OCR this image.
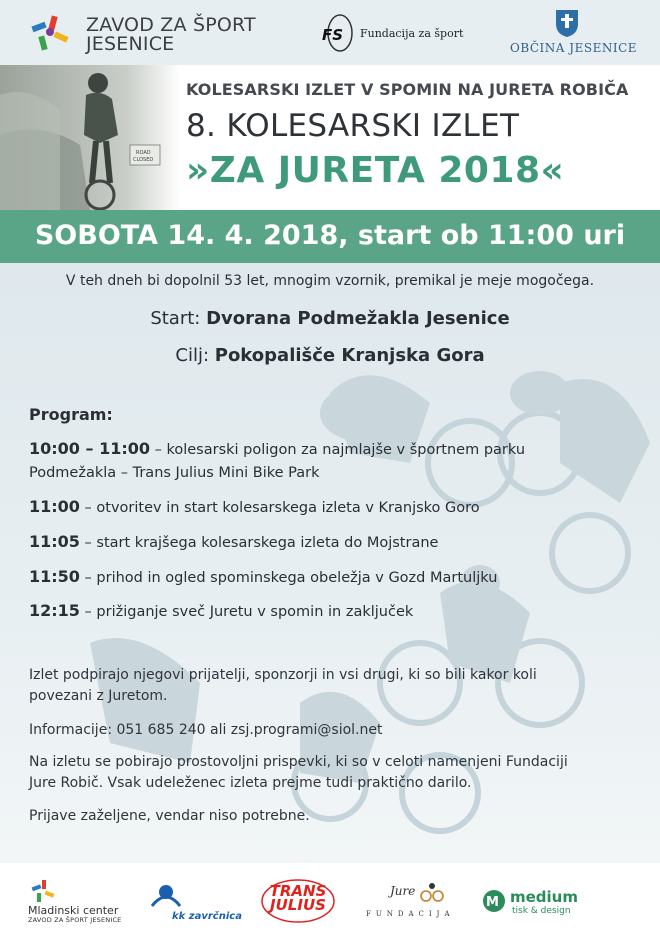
ZAVOD ZA ŠPORT
JESENICE	FS Fundacija za šport
OBČINA JESENICE
ROAD
CLOSED
KOLESARSKI IZLET V SPOMIN NA JURETA ROBIČA
8. KOLESARSKI IZLET
»ZA JURETA 2018«
SOBOTA 14. 4. 2018, start ob 11:00 uri
V teh dneh bi dopolnil 53 let, mnogim vzornik, premikal je meje mogočega.
Start: Dvorana Podmežakla Jesenice
Cilj: Pokopališče Kranjska Gora
Program:
10:00 – 11:00 – kolesarski poligon za najmlajše v športnem parku
Podmežakla – Trans Julius Mini Bike Park
11:00 – otvoritev in start kolesarskega izleta v Kranjsko Goro
11:05 – start krajšega kolesarskega izleta do Mojstrane
11:50 – prihod in ogled spominskega obeležja v Gozd Martuljku
12:15 – prižiganje sveč Juretu v spomin in zaključek
Izlet podpirajo njegovi prijatelji, sponzorji in vsi drugi, ki so bili kakor koli
povezani z Juretom.
Informacije: 051 685 240 ali zsj.programi@siol.net
Na izletu se pobirajo prostovoljni prispevki, ki so v celoti namenjeni Fundaciji
Jure Robič. Vsak udeleženec izleta prejme tudi praktično darilo.
Prijave zaželjene, vendar niso potrebne.
Mladinski center
ZAVOD ZA ŠPORT JESENICE	kk zavrčnica
TRANS
JULIUS
Jure
FUNDACIJA
M medium
tisk & design
